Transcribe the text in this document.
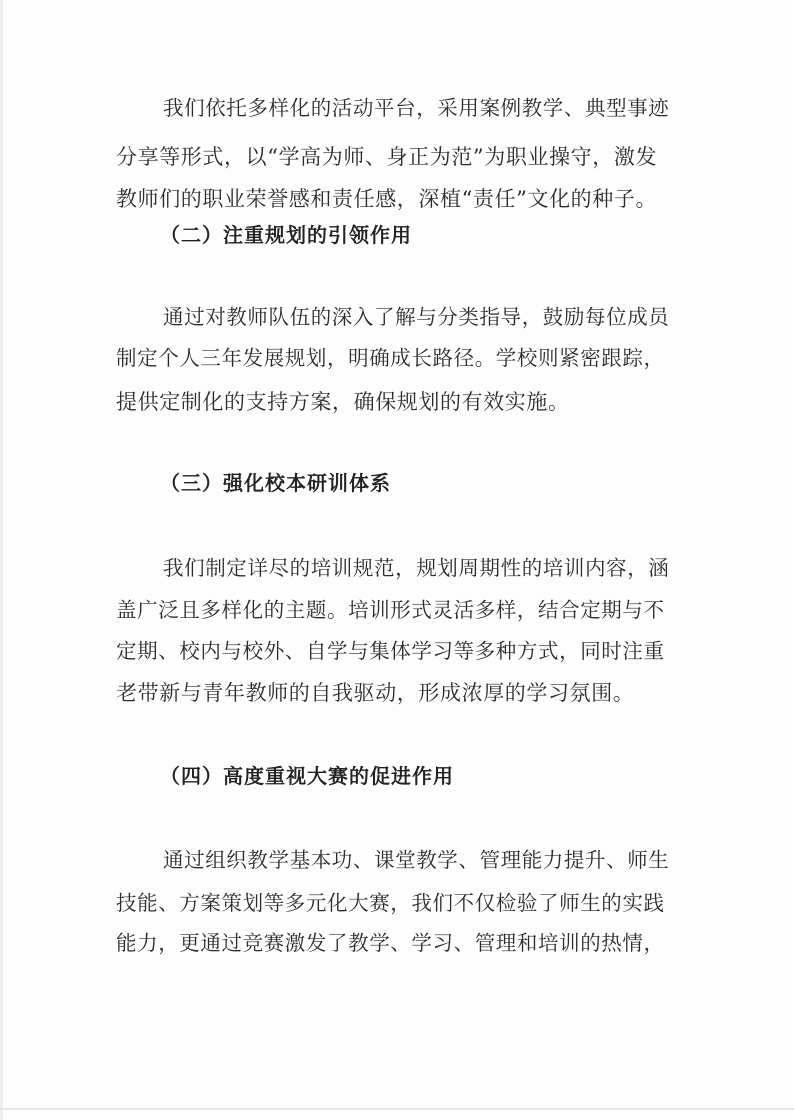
我们依托多样化的活动平台，采用案例教学、典型事迹
分享等形式，以“学高为师、身正为范”为职业操守，激发
教师们的职业荣誉感和责任感，深植“责任”文化的种子。
（二）注重规划的引领作用
通过对教师队伍的深入了解与分类指导，鼓励每位成员
制定个人三年发展规划，明确成长路径。学校则紧密跟踪，
提供定制化的支持方案，确保规划的有效实施。
（三）强化校本研训体系
我们制定详尽的培训规范，规划周期性的培训内容，涵
盖广泛且多样化的主题。培训形式灵活多样，结合定期与不
定期、校内与校外、自学与集体学习等多种方式，同时注重
老带新与青年教师的自我驱动，形成浓厚的学习氛围。
（四）高度重视大赛的促进作用
通过组织教学基本功、课堂教学、管理能力提升、师生
技能、方案策划等多元化大赛，我们不仅检验了师生的实践
能力，更通过竞赛激发了教学、学习、管理和培训的热情，
